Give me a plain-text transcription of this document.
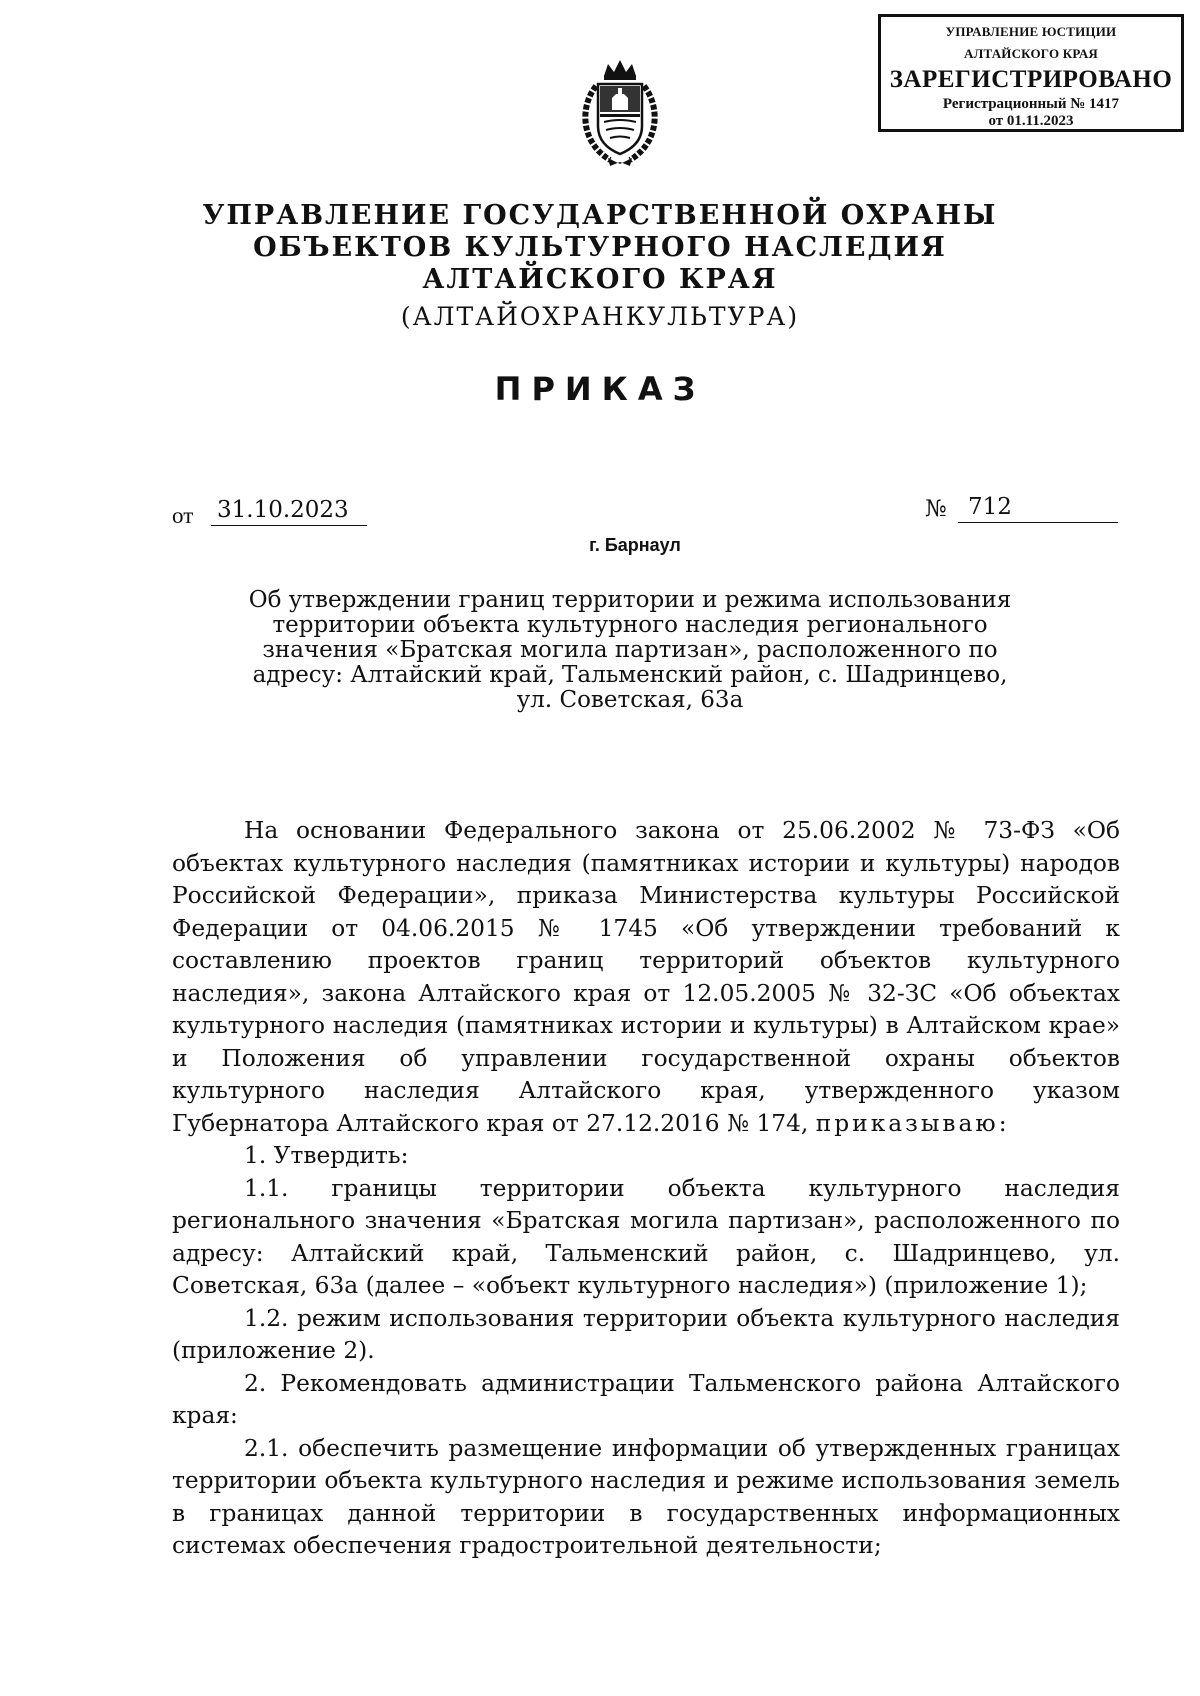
УПРАВЛЕНИЕ ЮСТИЦИИ
АЛТАЙСКОГО КРАЯ
ЗАРЕГИСТРИРОВАНО
Регистрационный № 1417
от 01.11.2023
УПРАВЛЕНИЕ ГОСУДАРСТВЕННОЙ ОХРАНЫ
ОБЪЕКТОВ КУЛЬТУРНОГО НАСЛЕДИЯ
АЛТАЙСКОГО КРАЯ
(АЛТАЙОХРАНКУЛЬТУРА)
ПРИКАЗ
от 31.10.2023	№ 712
г. Барнаул
Об утверждении границ территории и режима использования
территории объекта культурного наследия регионального
значения «Братская могила партизан», расположенного по
адресу: Алтайский край, Тальменский район, с. Шадринцево,
ул. Советская, 63а

На основании Федерального закона от 25.06.2002 № 73-ФЗ «Об объектах культурного наследия (памятниках истории и культуры) народов Российской Федерации», приказа Министерства культуры Российской Федерации от 04.06.2015 № 1745 «Об утверждении требований к составлению проектов границ территорий объектов культурного наследия», закона Алтайского края от 12.05.2005 № 32-ЗС «Об объектах культурного наследия (памятниках истории и культуры) в Алтайском крае» и Положения об управлении государственной охраны объектов культурного наследия Алтайского края, утвержденного указом Губернатора Алтайского края от 27.12.2016 № 174, приказываю:

1. Утвердить:

1.1. границы территории объекта культурного наследия регионального значения «Братская могила партизан», расположенного по адресу: Алтайский край, Тальменский район, с. Шадринцево, ул. Советская, 63а (далее – «объект культурного наследия») (приложение 1);

1.2. режим использования территории объекта культурного наследия (приложение 2).

2. Рекомендовать администрации Тальменского района Алтайского края:

2.1. обеспечить размещение информации об утвержденных границах территории объекта культурного наследия и режиме использования земель в границах данной территории в государственных информационных системах обеспечения градостроительной деятельности;
